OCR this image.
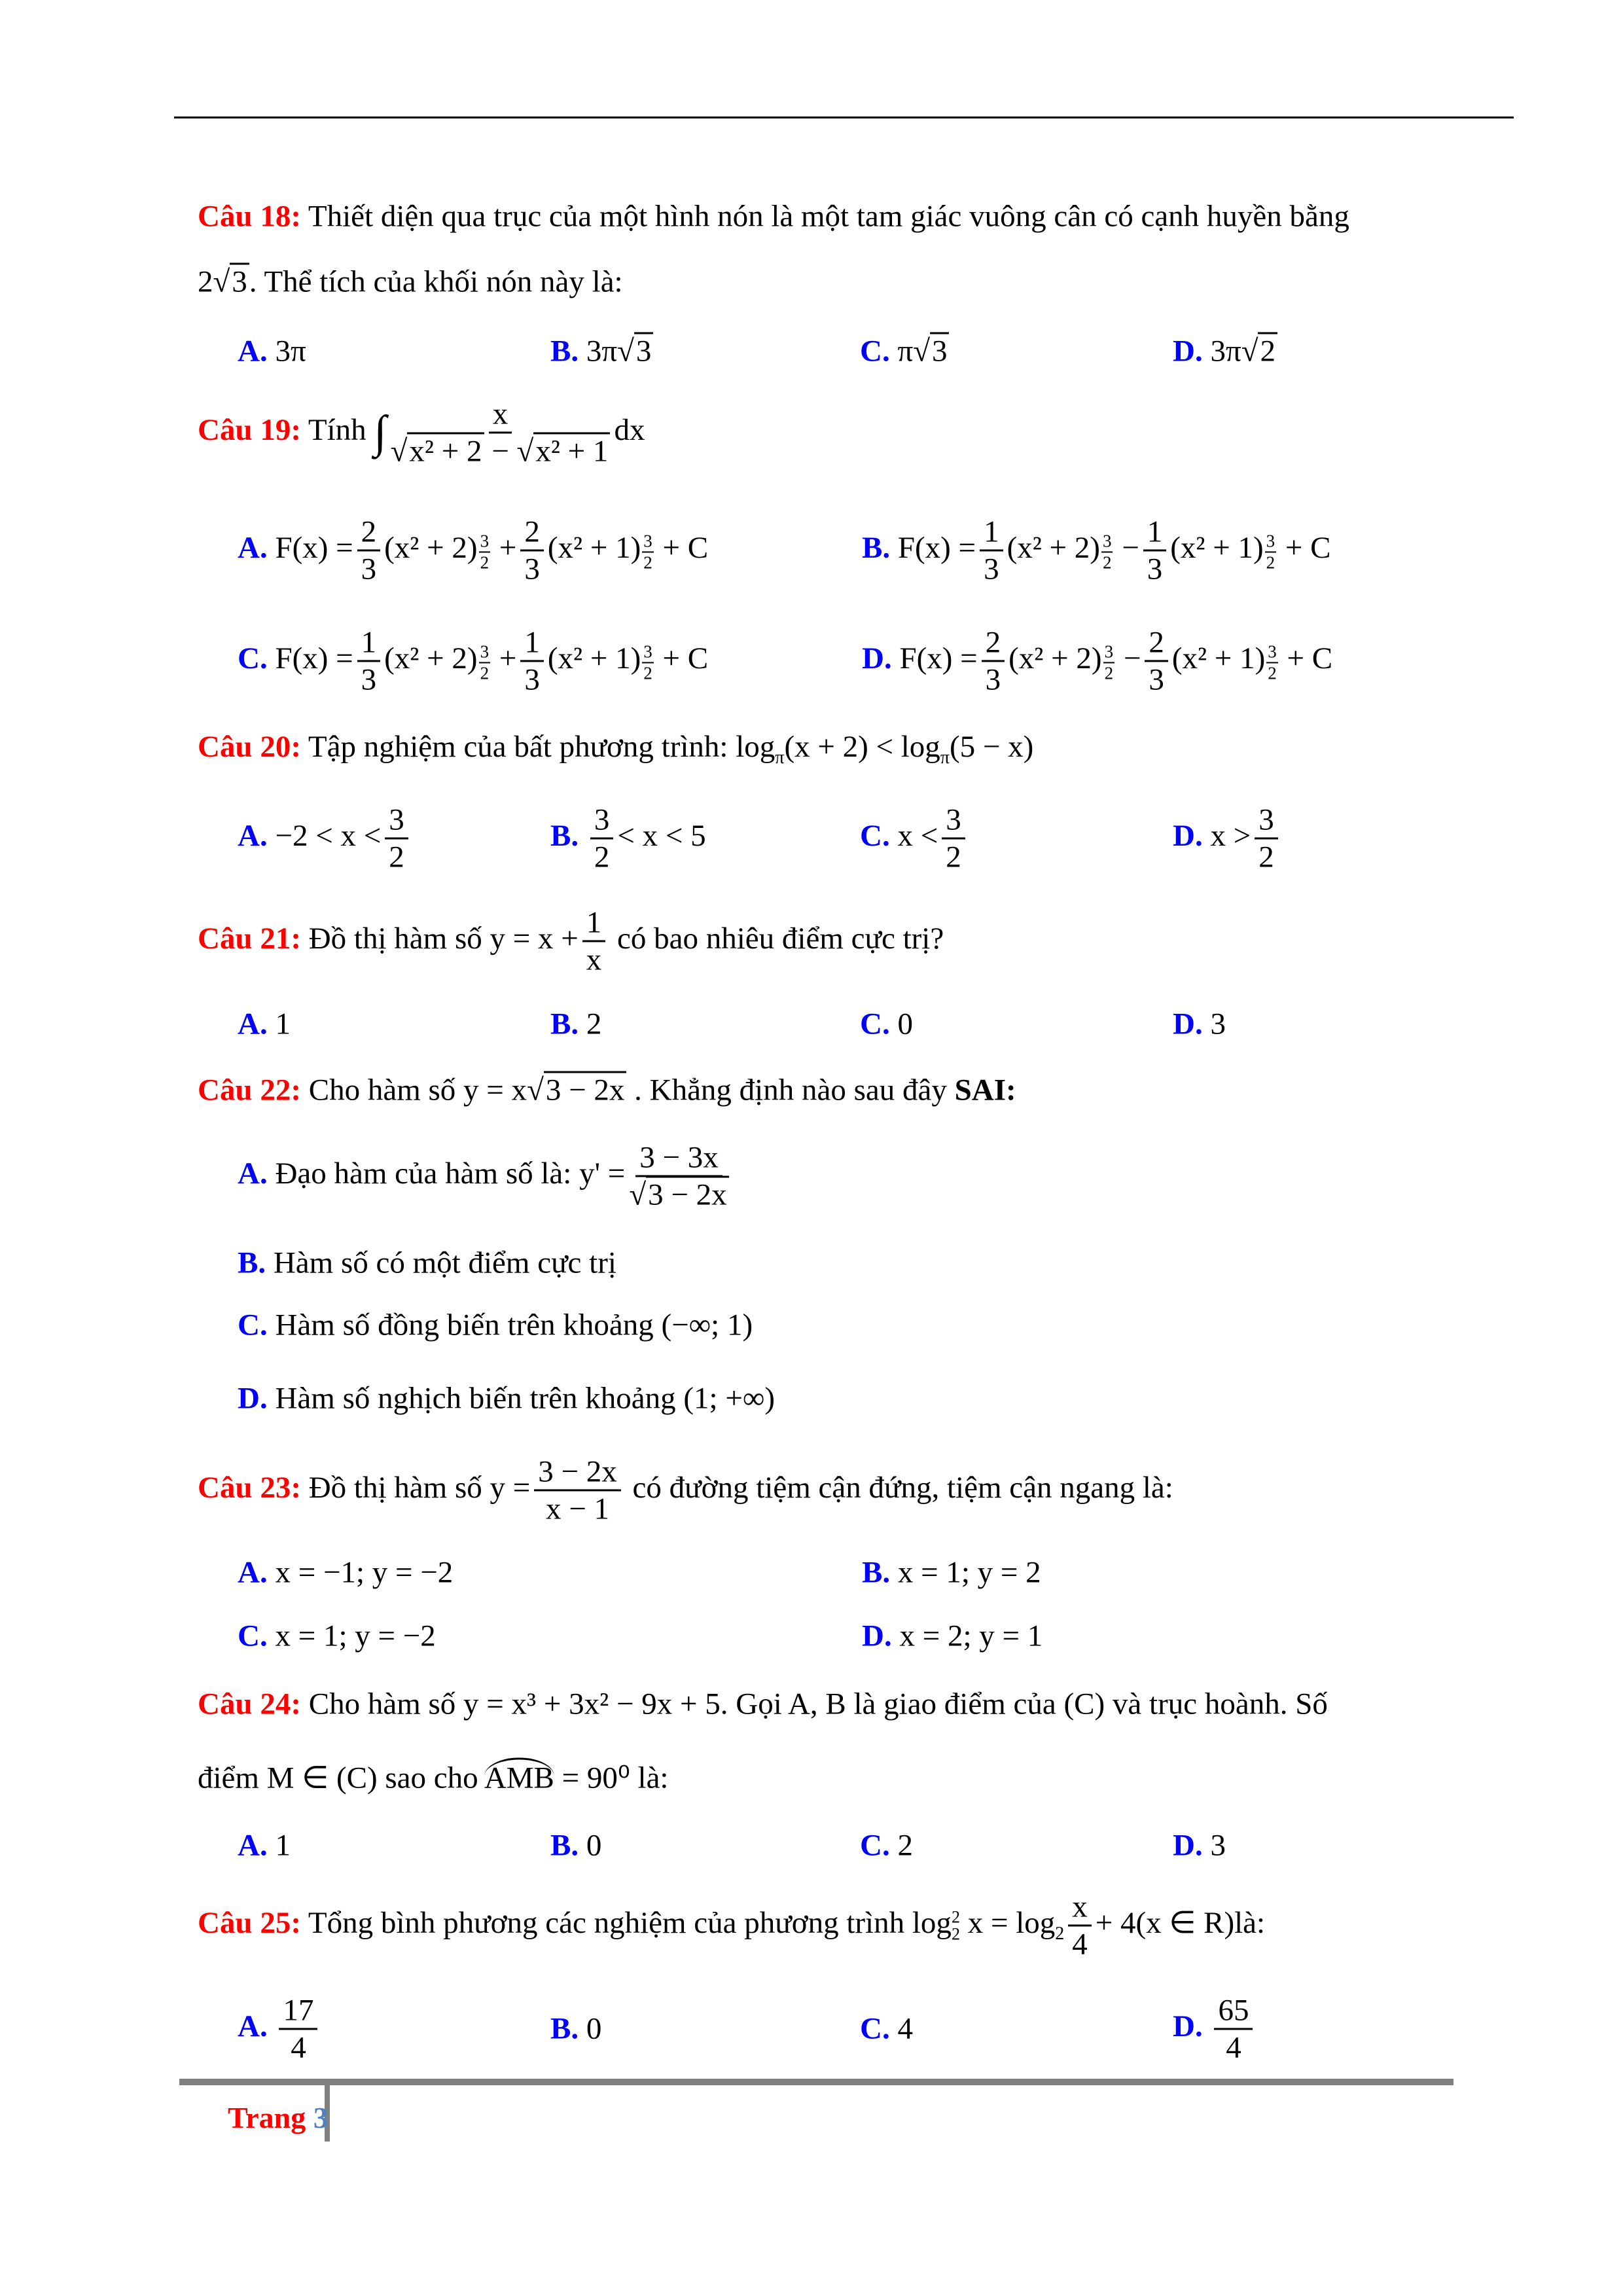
Câu 18: Thiết diện qua trục của một hình nón là một tam giác vuông cân có cạnh huyền bằng
2√3. Thể tích của khối nón này là:
A. 3π	B. 3π√3	C. π√3	D. 3π√2
Câu 19: Tính ∫ $\frac{x}{\text{√x² + 2 − √x² + 1}}$ dx
A. $F(x) = \frac{2}{3} (x^2 + 2) \frac{3}{2} + \frac{2}{3} (x^2 + 1) \frac{3}{2} + C$	B. $F(x) = \frac{1}{3} (x^2 + 2) \frac{3}{2} - \frac{1}{3} (x^2 + 1) \frac{3}{2} + C$
C. $F(x) = \frac{1}{3} (x^2 + 2) \frac{3}{2} + \frac{1}{3} (x^2 + 1) \frac{3}{2} + C$	D. $F(x) = \frac{2}{3} (x^2 + 2) \frac{3}{2} - \frac{2}{3} (x^2 + 1) \frac{3}{2} + C$
Câu 20: Tập nghiệm của bất phương trình: $\log_\pi(x + 2) < \log_\pi(5 - x)$
A. $-2 < x < \frac{3}{2}$	B. $\frac{3}{2} < x < 5$	C. $x < \frac{3}{2}$	D. $x > \frac{3}{2}$
Câu 21: Đồ thị hàm số $y = x + \frac{1}{x}$ có bao nhiêu điểm cực trị?
A. 1	B. 2	C. 0	D. 3
Câu 22: Cho hàm số y = x√3 − 2x . Khẳng định nào sau đây SAI:
A. Đạo hàm của hàm số là: $y' = \frac{3 - 3x}{√3 - 2x}$
B. Hàm số có một điểm cực trị
C. Hàm số đồng biến trên khoảng (−∞; 1)
D. Hàm số nghịch biến trên khoảng (1; +∞)
Câu 23: Đồ thị hàm số $y = \frac{3 - 2x}{x - 1}$ có đường tiệm cận đứng, tiệm cận ngang là:
A. x = −1; y = −2	B. x = 1; y = 2
C. x = 1; y = −2	D. x = 2; y = 1
Câu 24: Cho hàm số y = x³ + 3x² − 9x + 5. Gọi A, B là giao điểm của (C) và trục hoành. Số
điểm M ∈ (C) sao cho AMB = 90⁰ là:
A. 1	B. 0	C. 2	D. 3
Câu 25: Tổng bình phương các nghiệm của phương trình log 2
2 $x = \log_2 \frac{x}{4} + 4(x$ ∈ R)là:
A. $\frac{17}{4}$	B. 0	C. 4	D. $\frac{65}{4}$
Trang 3
